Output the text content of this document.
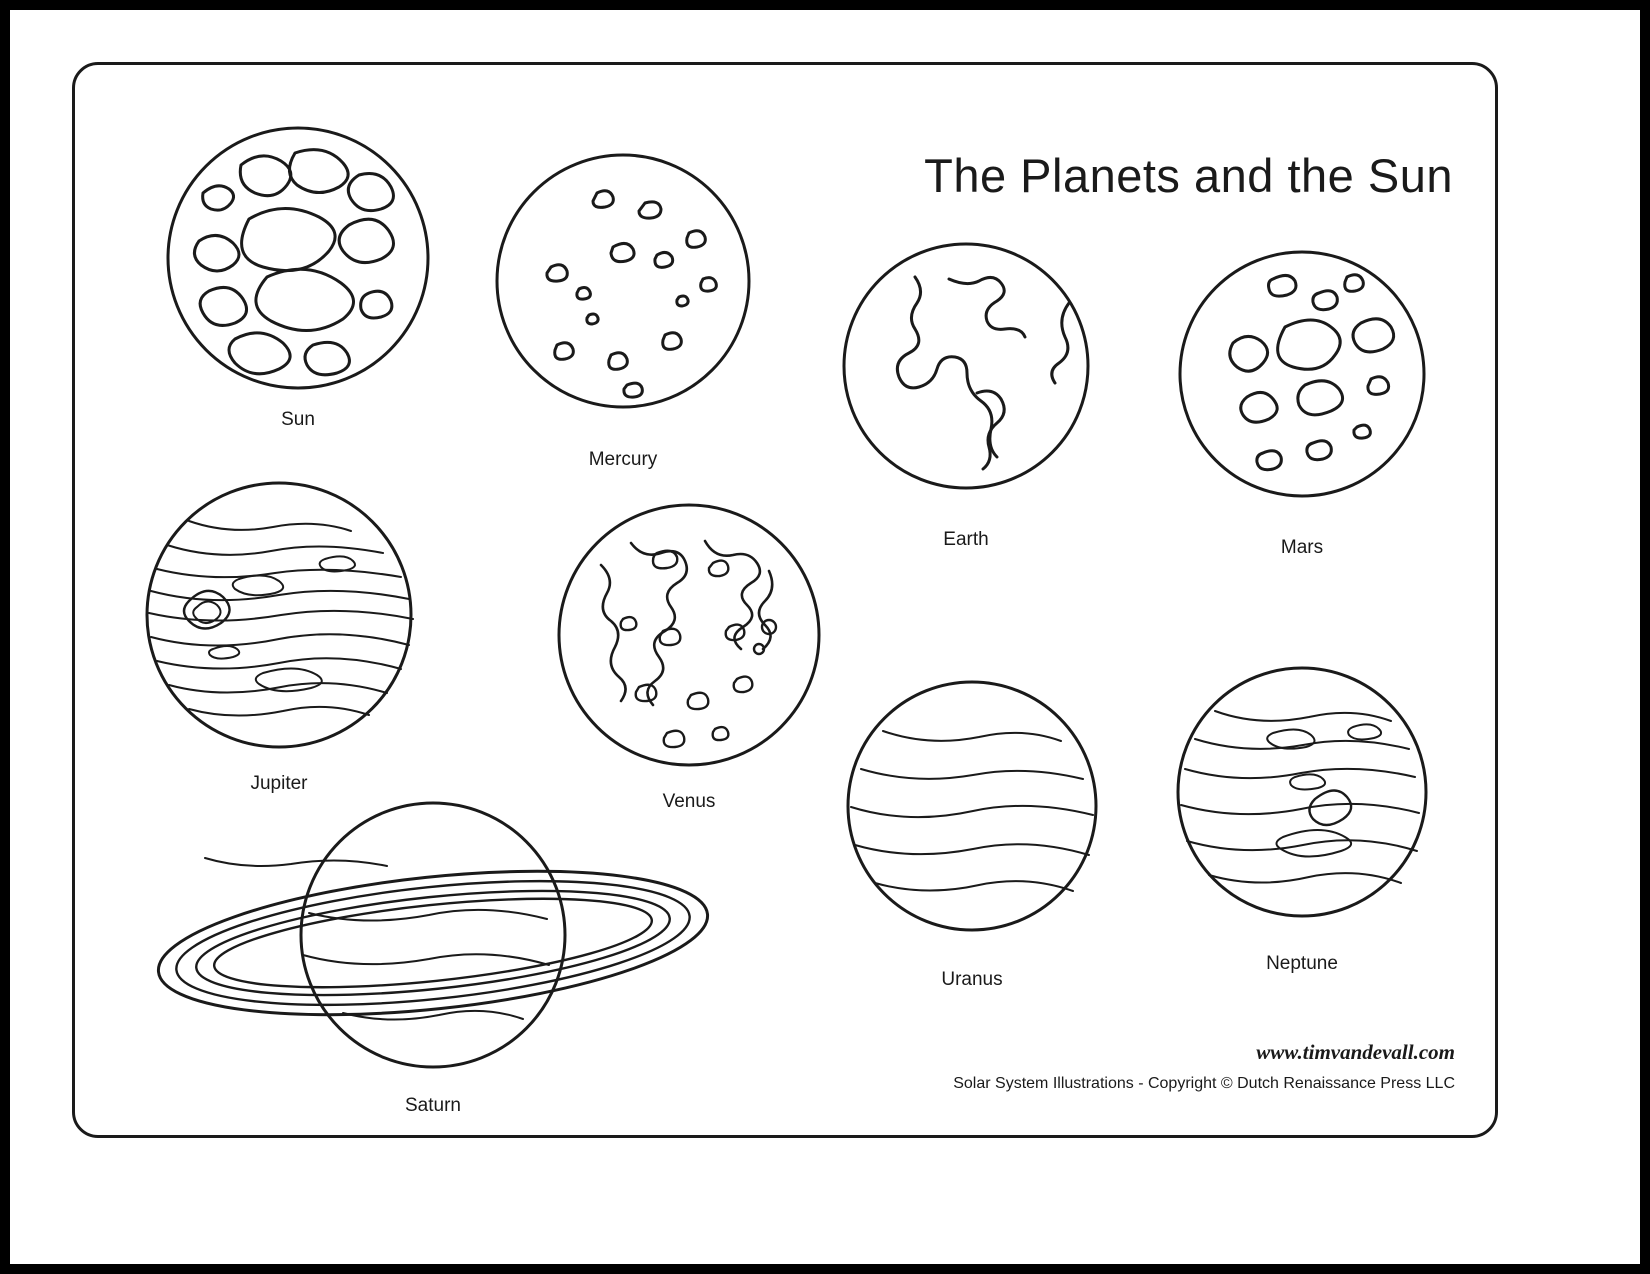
The Planets and the Sun
Sun
Mercury
Earth	Mars
Jupiter
Venus
Uranus
Neptune
Saturn
www.timvandevall.com
Solar System Illustrations - Copyright © Dutch Renaissance Press LLC
